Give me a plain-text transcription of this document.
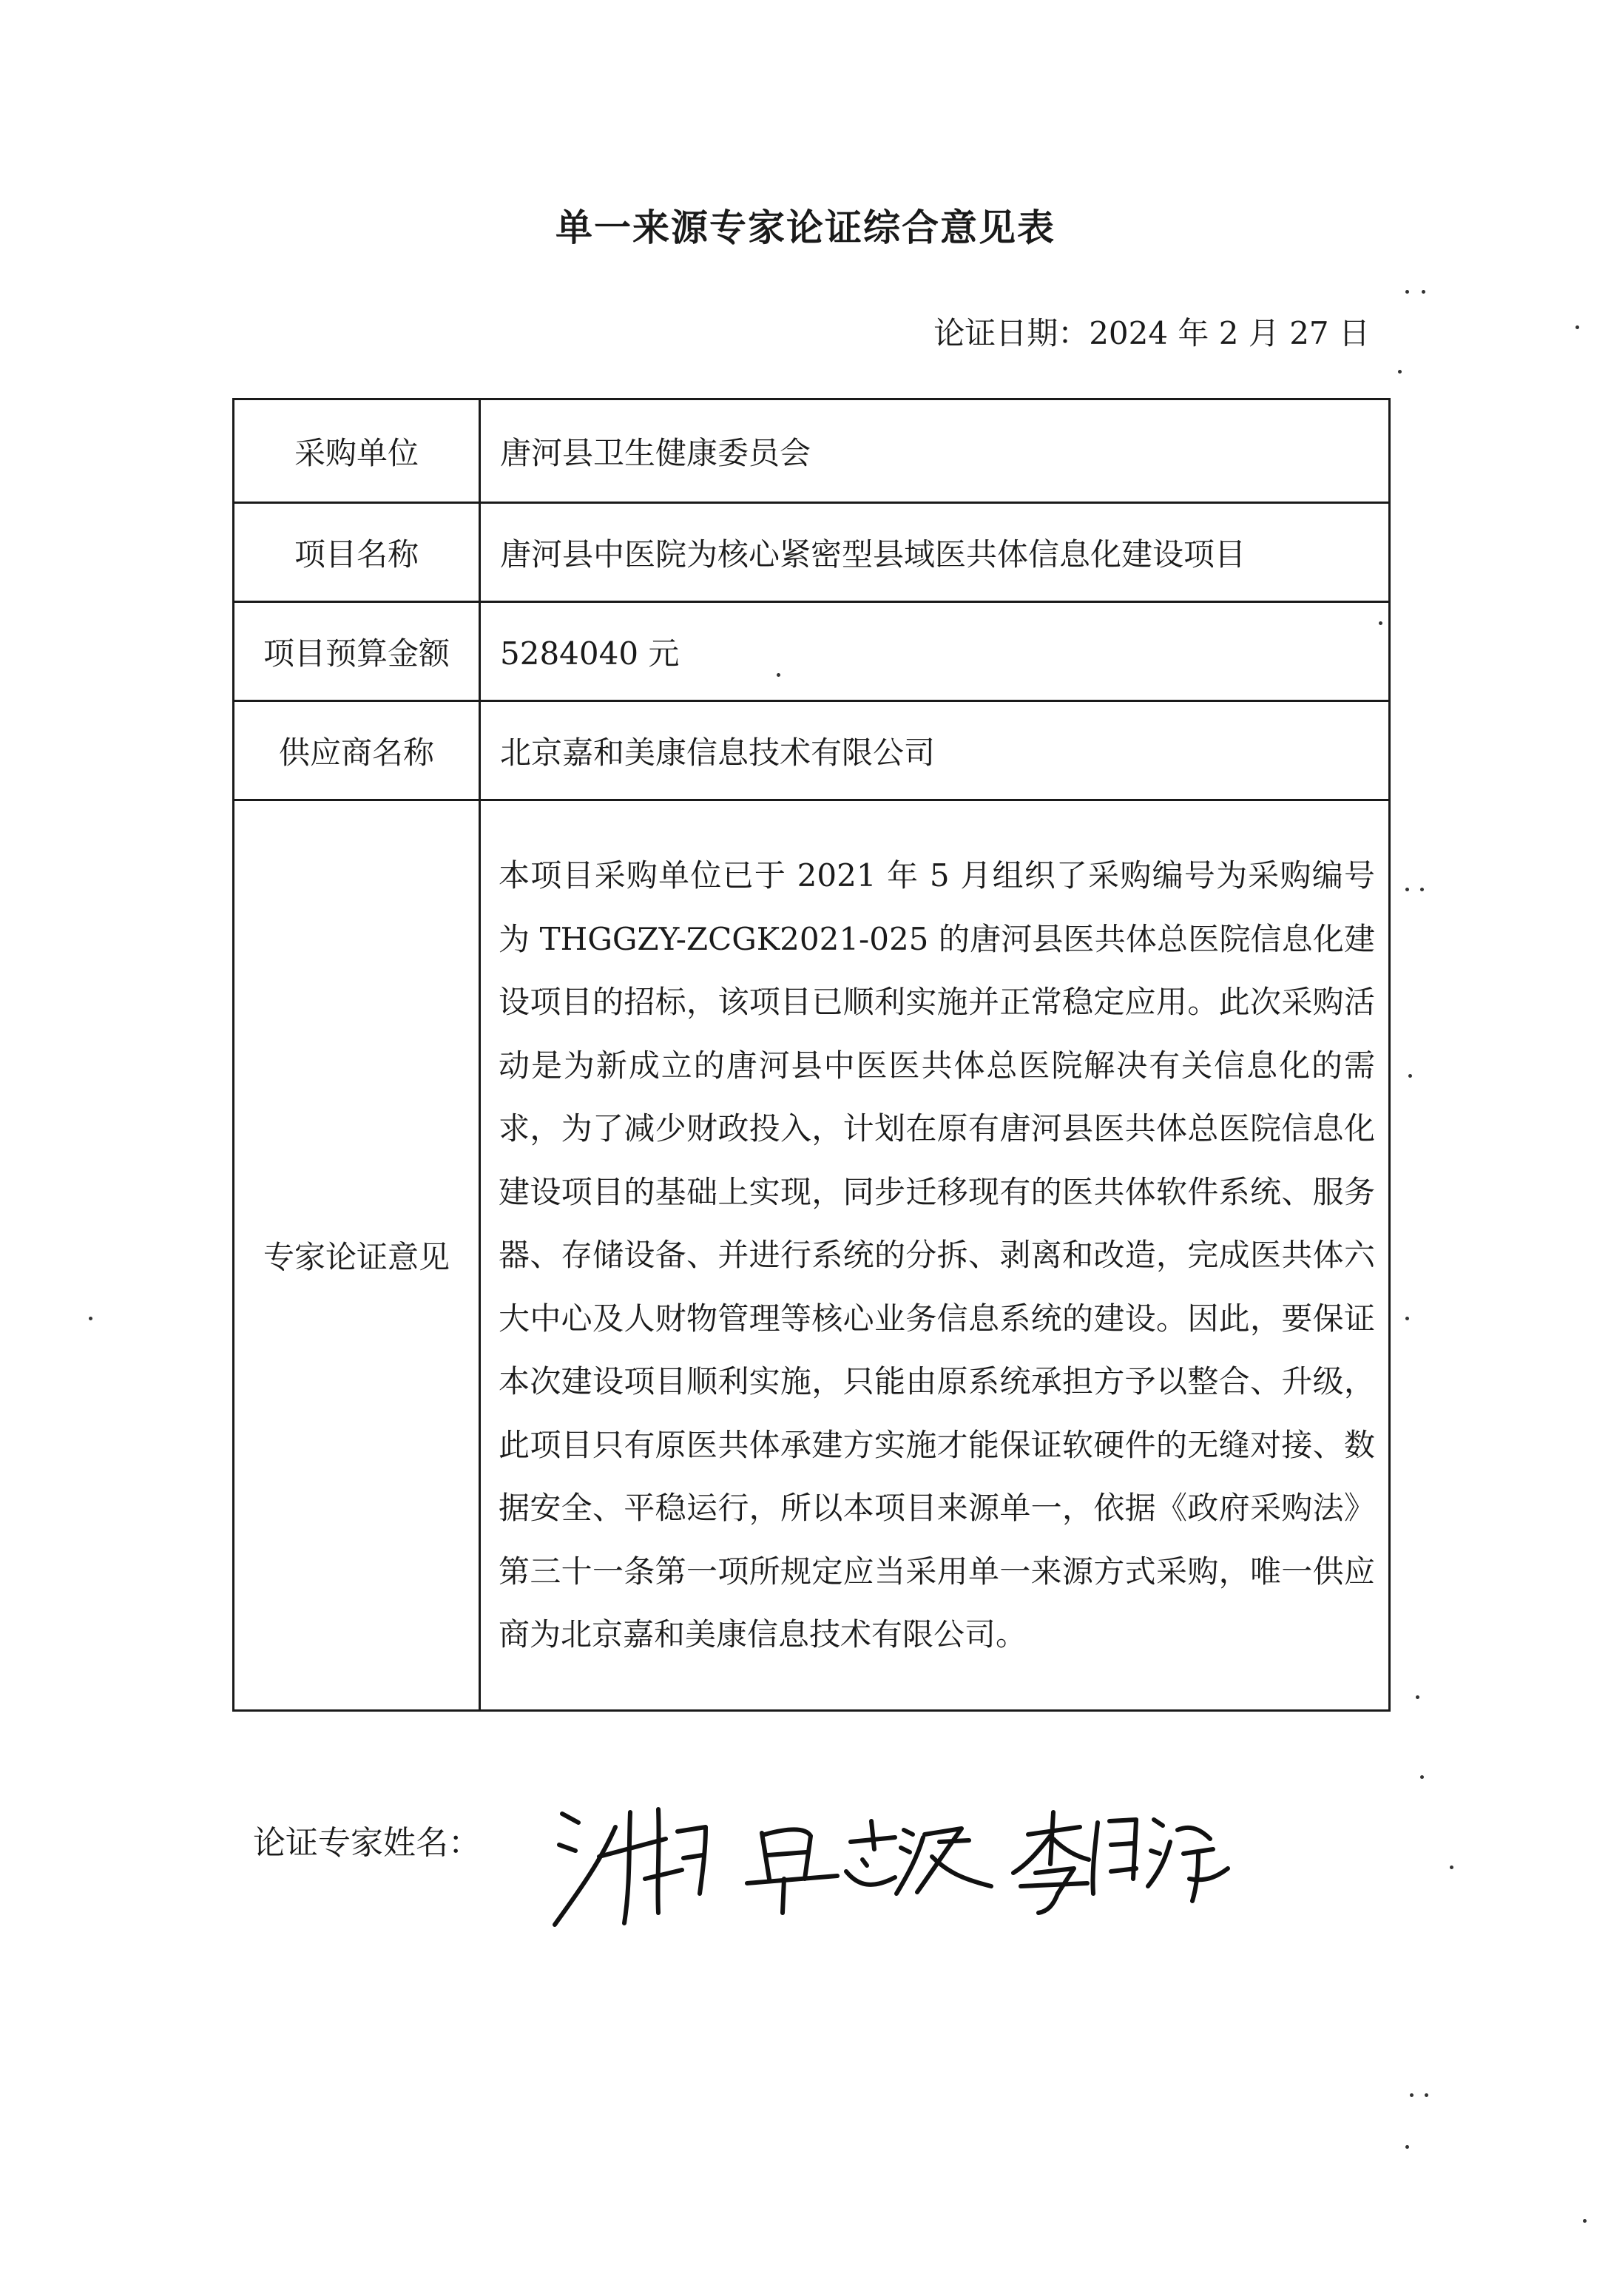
单一来源专家论证综合意见表
论证日期：2024 年 2 月 27 日
采购单位	唐河县卫生健康委员会
项目名称	唐河县中医院为核心紧密型县域医共体信息化建设项目
项目预算金额	5284040 元
供应商名称	北京嘉和美康信息技术有限公司
专家论证意见	本项目采购单位已于 2021 年 5 月组织了采购编号为采购编号为 THGGZY-ZCGK2021-025 的唐河县医共体总医院信息化建设项目的招标，该项目已顺利实施并正常稳定应用。此次采购活动是为新成立的唐河县中医医共体总医院解决有关信息化的需求，为了减少财政投入，计划在原有唐河县医共体总医院信息化建设项目的基础上实现，同步迁移现有的医共体软件系统、服务器、存储设备、并进行系统的分拆、剥离和改造，完成医共体六大中心及人财物管理等核心业务信息系统的建设。因此，要保证本次建设项目顺利实施，只能由原系统承担方予以整合、升级，此项目只有原医共体承建方实施才能保证软硬件的无缝对接、数据安全、平稳运行，所以本项目来源单一，依据《政府采购法》第三十一条第一项所规定应当采用单一来源方式采购，唯一供应商为北京嘉和美康信息技术有限公司。
论证专家姓名：
